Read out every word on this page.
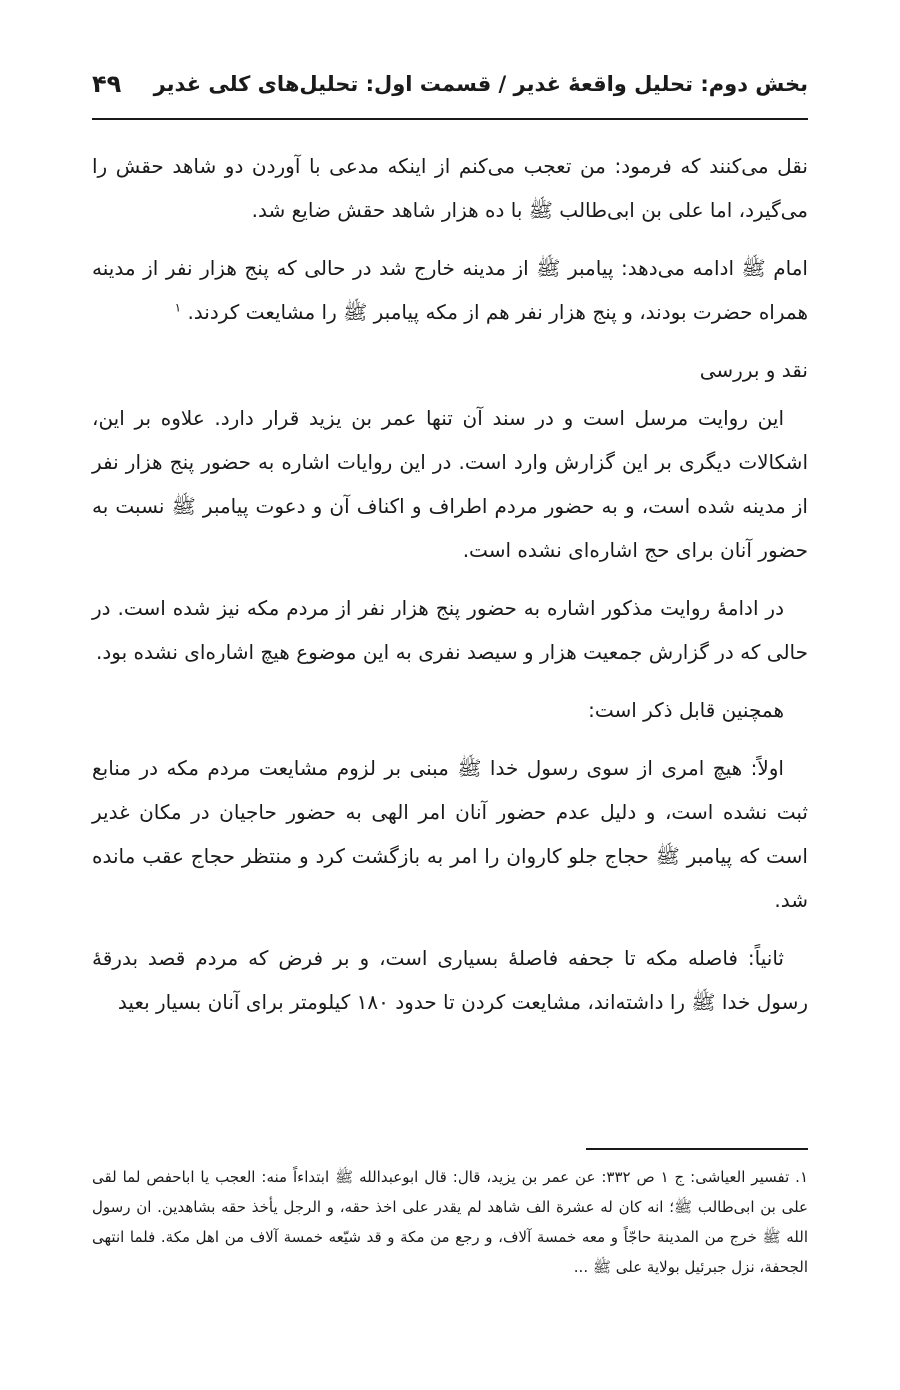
بخش دوم: تحلیل واقعۀ غدیر / قسمت اول: تحلیل‌های کلی غدیر
۴۹

نقل می‌کنند که فرمود: من تعجب می‌کنم از اینکه مدعی با آوردن دو شاهد حقش را می‌گیرد، اما علی بن ابی‌طالب ﷺ با ده هزار شاهد حقش ضایع شد.

امام ﷺ ادامه می‌دهد: پیامبر ﷺ از مدینه خارج شد در حالی که پنج هزار نفر از مدینه همراه حضرت بودند، و پنج هزار نفر هم از مکه پیامبر ﷺ را مشایعت کردند. $^۱$

نقد و بررسی

این روایت مرسل است و در سند آن تنها عمر بن یزید قرار دارد. علاوه بر این، اشکالات دیگری بر این گزارش وارد است. در این روایات اشاره به حضور پنج هزار نفر از مدینه شده است، و به حضور مردم اطراف و اکناف آن و دعوت پیامبر ﷺ نسبت به حضور آنان برای حج اشاره‌ای نشده است.

در ادامۀ روایت مذکور اشاره به حضور پنج هزار نفر از مردم مکه نیز شده است. در حالی که در گزارش جمعیت هزار و سیصد نفری به این موضوع هیچ اشاره‌ای نشده بود.

همچنین قابل ذکر است:

اولاً: هیچ امری از سوی رسول خدا ﷺ مبنی بر لزوم مشایعت مردم مکه در منابع ثبت نشده است، و دلیل عدم حضور آنان امر الهی به حضور حاجیان در مکان غدیر است که پیامبر ﷺ حجاج جلو کاروان را امر به بازگشت کرد و منتظر حجاج عقب مانده شد.

ثانیاً: فاصله مکه تا جحفه فاصلۀ بسیاری است، و بر فرض که مردم قصد بدرقۀ رسول خدا ﷺ را داشته‌اند، مشایعت کردن تا حدود ۱۸۰ کیلومتر برای آنان بسیار بعید

۱. تفسیر العیاشی: ج ۱ ص ۳۳۲: عن عمر بن یزید، قال: قال ابوعبدالله ﷺ ابتداءاً منه: العجب یا اباحفص لما لقی علی بن ابی‌طالب ﷺ؛ انه کان له عشرة الف شاهد لم یقدر علی اخذ حقه، و الرجل یأخذ حقه بشاهدین. ان رسول الله ﷺ خرج من المدینة حاجّاً و معه خمسة آلاف، و رجع من مکة و قد شیّعه خمسة آلاف من اهل مکة. فلما انتهی الجحفة، نزل جبرئیل بولایة علی ﷺ ...
